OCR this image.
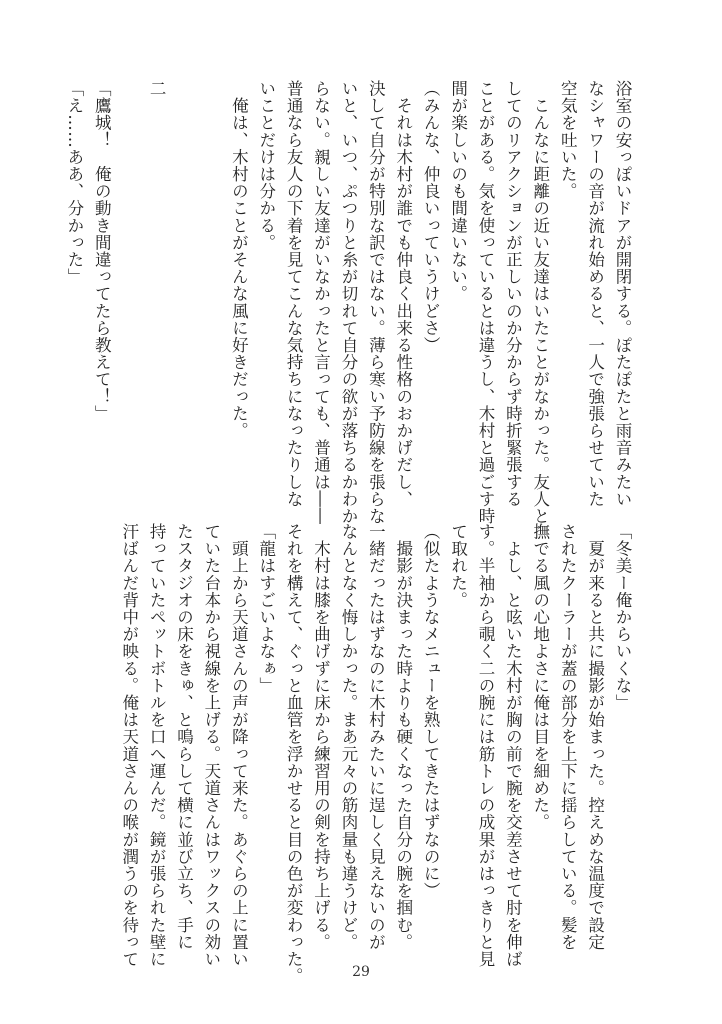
浴室の安っぽいドアが開閉する。ぽたぽたと雨音みたい
なシャワーの音が流れ始めると、一人で強張らせていた
空気を吐いた。
　こんなに距離の近い友達はいたことがなかった。友人と
してのリアクションが正しいのか分からず時折緊張する
ことがある。気を使っているとは違うし、木村と過ごす時
間が楽しいのも間違いない。
（みんな、仲良いっていうけどさ）
　それは木村が誰でも仲良く出来る性格のおかげだし、
決して自分が特別な訳ではない。薄ら寒い予防線を張らな
いと、いつ、ぷつりと糸が切れて自分の欲が落ちるかわか
らない。親しい友達がいなかったと言っても、普通は――
普通なら友人の下着を見てこんな気持ちになったりしな
いことだけは分かる。
　俺は、木村のことがそんな風に好きだった。

二

「鷹城！　俺の動き間違ってたら教えて！」
「え……ああ、分かった」
「冬美ー俺からいくな」
　夏が来ると共に撮影が始まった。控えめな温度で設定
されたクーラーが蓋の部分を上下に揺らしている。髪を
撫でる風の心地よさに俺は目を細めた。
　よし、と呟いた木村が胸の前で腕を交差させて肘を伸ば
す。半袖から覗く二の腕には筋トレの成果がはっきりと見
て取れた。
（似たようなメニューを熟してきたはずなのに）
　撮影が決まった時よりも硬くなった自分の腕を掴む。
一緒だったはずなのに木村みたいに逞しく見えないのが
なんとなく悔しかった。まあ元々の筋肉量も違うけど。
　木村は膝を曲げずに床から練習用の剣を持ち上げる。
それを構えて、ぐっと血管を浮かせると目の色が変わった。
「龍はすごいよなぁ」
　頭上から天道さんの声が降って来た。あぐらの上に置い
ていた台本から視線を上げる。天道さんはワックスの効い
たスタジオの床をきゅ、と鳴らして横に並び立ち、手に
持っていたペットボトルを口へ運んだ。鏡が張られた壁に
汗ばんだ背中が映る。俺は天道さんの喉が潤うのを待って
29
